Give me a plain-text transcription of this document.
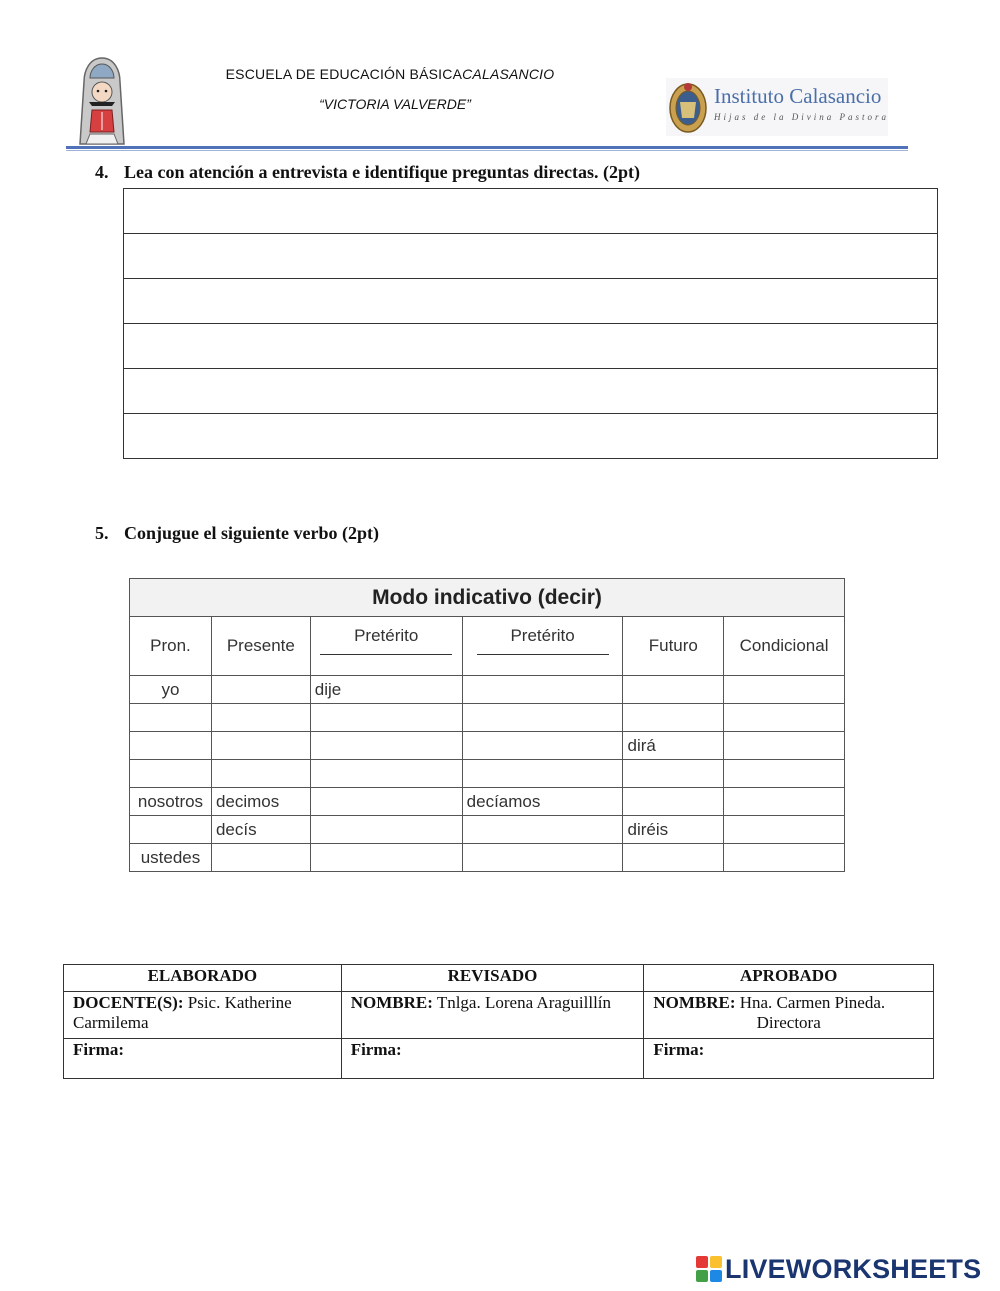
ESCUELA DE EDUCACIÓN BÁSICACALASANCIO
“VICTORIA VALVERDE”	Instituto Calasancio
Hijas de la Divina Pastora
4. Lea con atención a entrevista e identifique preguntas directas. (2pt)

5. Conjugue el siguiente verbo (2pt)
Modo indicativo (decir)					
Pron.	Presente	Pretérito	Pretérito	Futuro	Condicional
yo		dije			

				dirá	

nosotros	decimos		decíamos		
	decís			diréis	
ustedes					
ELABORADO	REVISADO	APROBADO
DOCENTE(S): Psic. Katherine Carmilema	NOMBRE: Tnlga. Lorena Araguilllín	NOMBRE: Hna. Carmen Pineda.

Directora

Firma:	Firma:	Firma:
LIVEWORKSHEETS
